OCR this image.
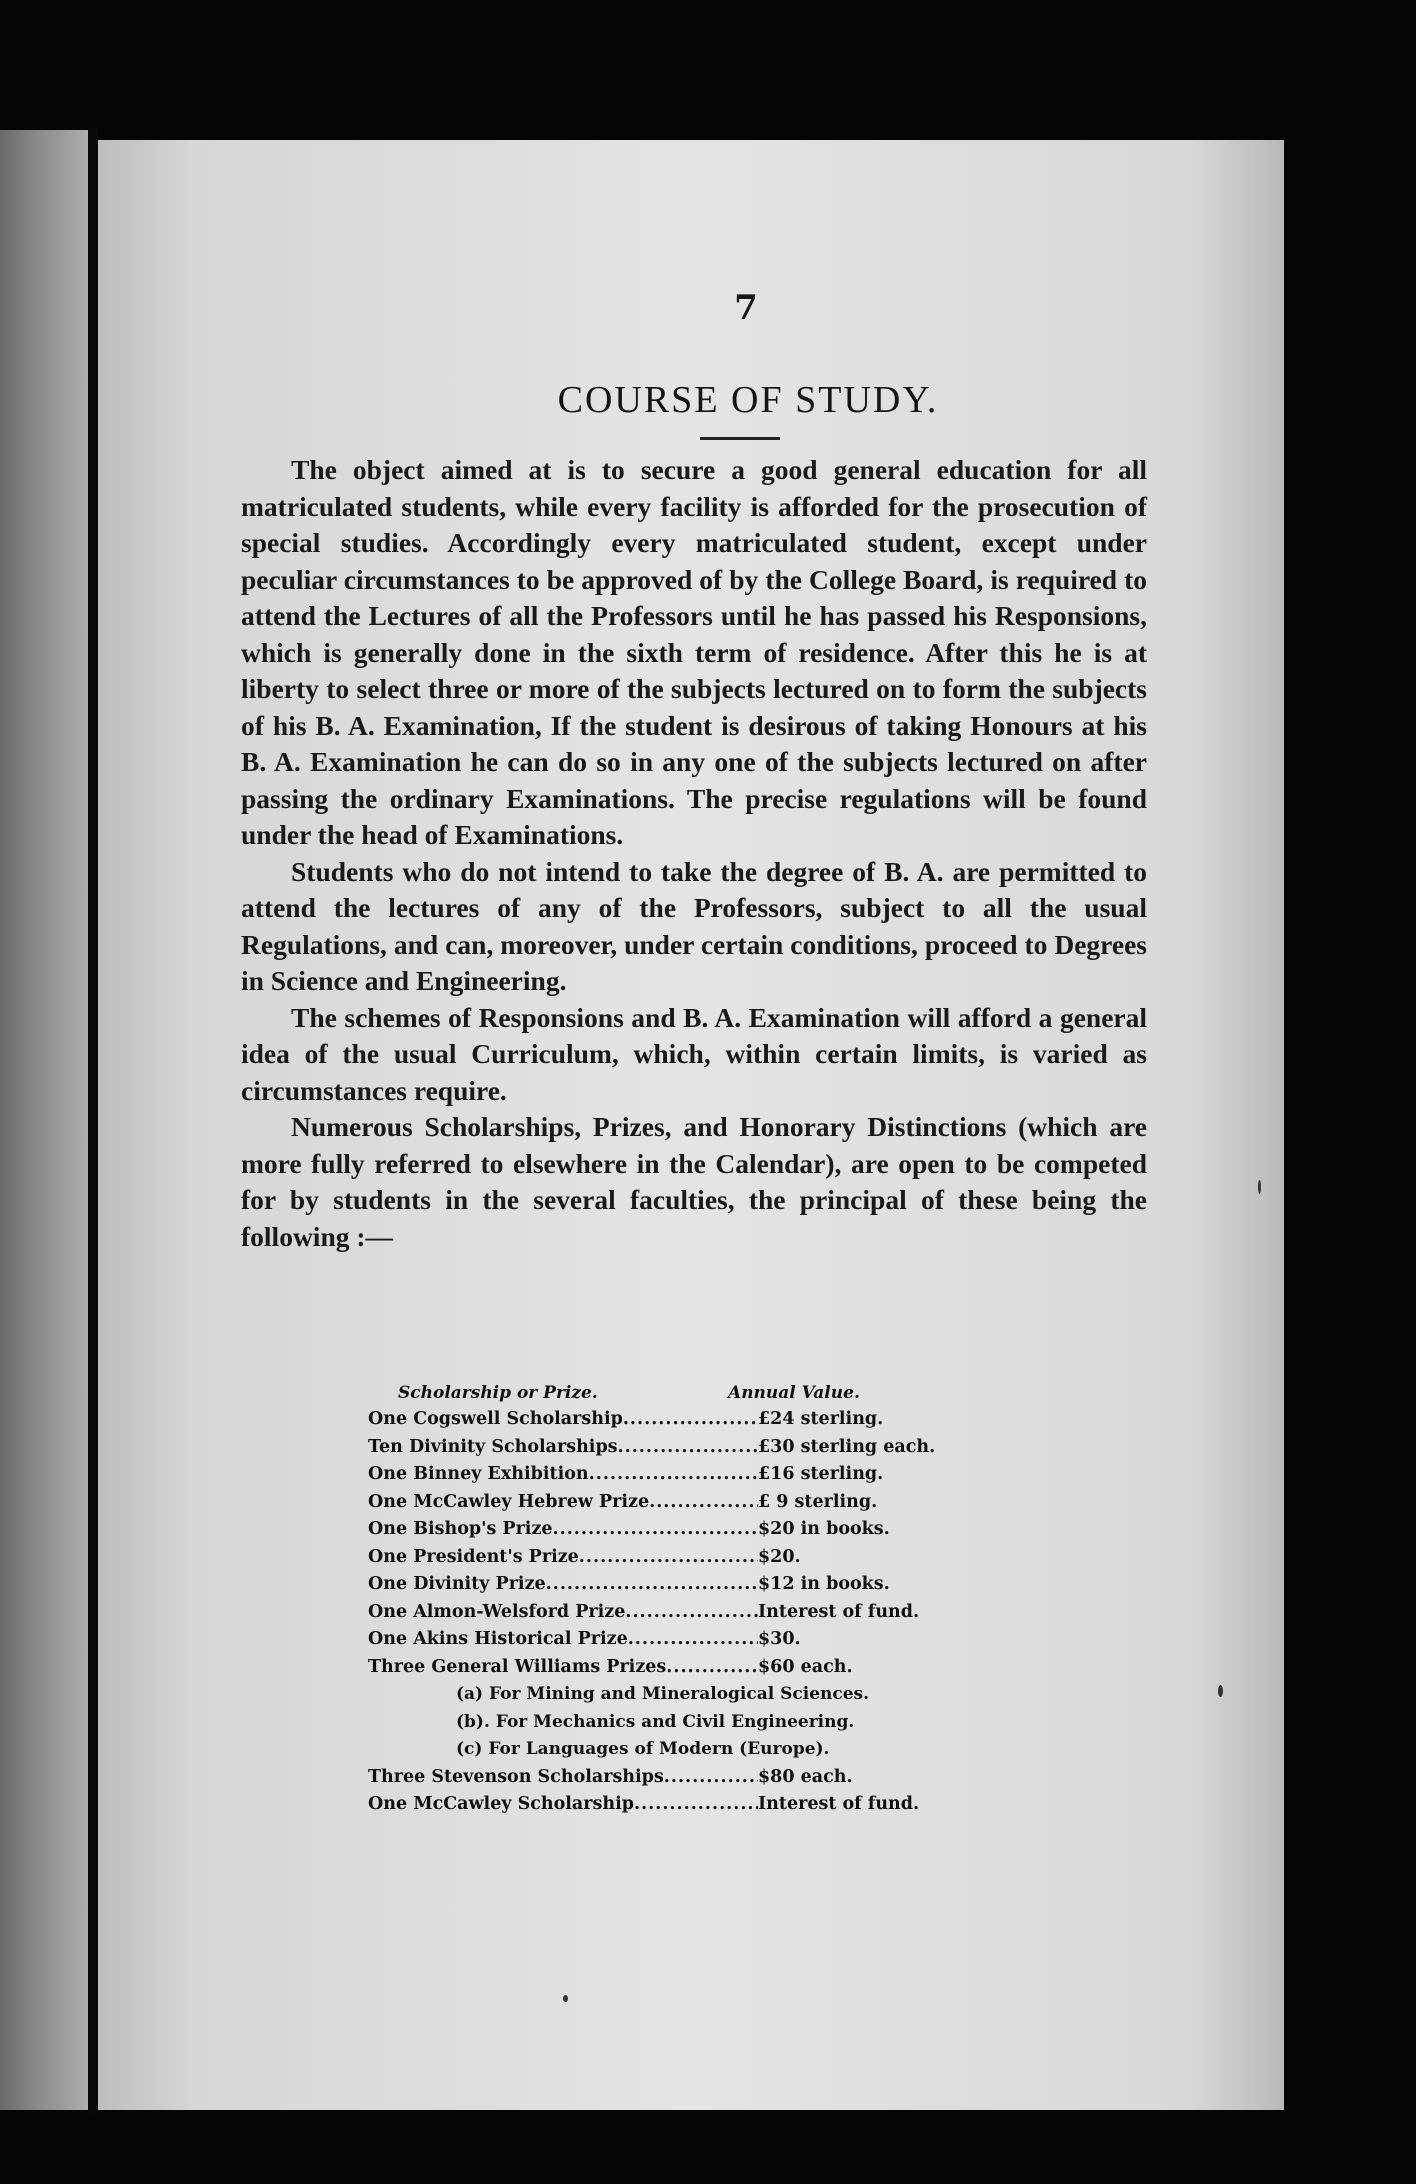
7
COURSE OF STUDY.

The object aimed at is to secure a good general education for all matriculated students, while every facility is afforded for the prosecution of special studies. Accordingly every matriculated student, except under peculiar circumstances to be approved of by the College Board, is required to attend the Lectures of all the Professors until he has passed his Responsions, which is generally done in the sixth term of residence. After this he is at liberty to select three or more of the subjects lectured on to form the subjects of his B. A. Examination, If the student is desirous of taking Honours at his B. A. Examination he can do so in any one of the subjects lectured on after passing the ordinary Examinations. The precise regulations will be found under the head of Examinations.

Students who do not intend to take the degree of B. A. are permitted to attend the lectures of any of the Professors, subject to all the usual Regulations, and can, moreover, under certain conditions, proceed to Degrees in Science and Engineering.

The schemes of Responsions and B. A. Examination will afford a general idea of the usual Curriculum, which, within certain limits, is varied as circumstances require.

Numerous Scholarships, Prizes, and Honorary Distinctions (which are more fully referred to elsewhere in the Calendar), are open to be competed for by students in the several faculties, the principal of these being the following :—

Scholarship or Prize.	Annual Value.
One Cogswell Scholarship .....	£24 sterling.
Ten Divinity Scholarships .....	£30 sterling each.
One Binney Exhibition .....	£16 sterling.
One McCawley Hebrew Prize .....	£ 9 sterling.
One Bishop's Prize .....	$20 in books.
One President's Prize .....	$20.
One Divinity Prize .....	$12 in books.
One Almon-Welsford Prize .....	Interest of fund.
One Akins Historical Prize .....	$30.
Three General Williams Prizes .....	$60 each.
(a) For Mining and Mineralogical Sciences.
(b). For Mechanics and Civil Engineering.
(c) For Languages of Modern (Europe).
Three Stevenson Scholarships .....	$80 each.
One McCawley Scholarship .....	Interest of fund.
